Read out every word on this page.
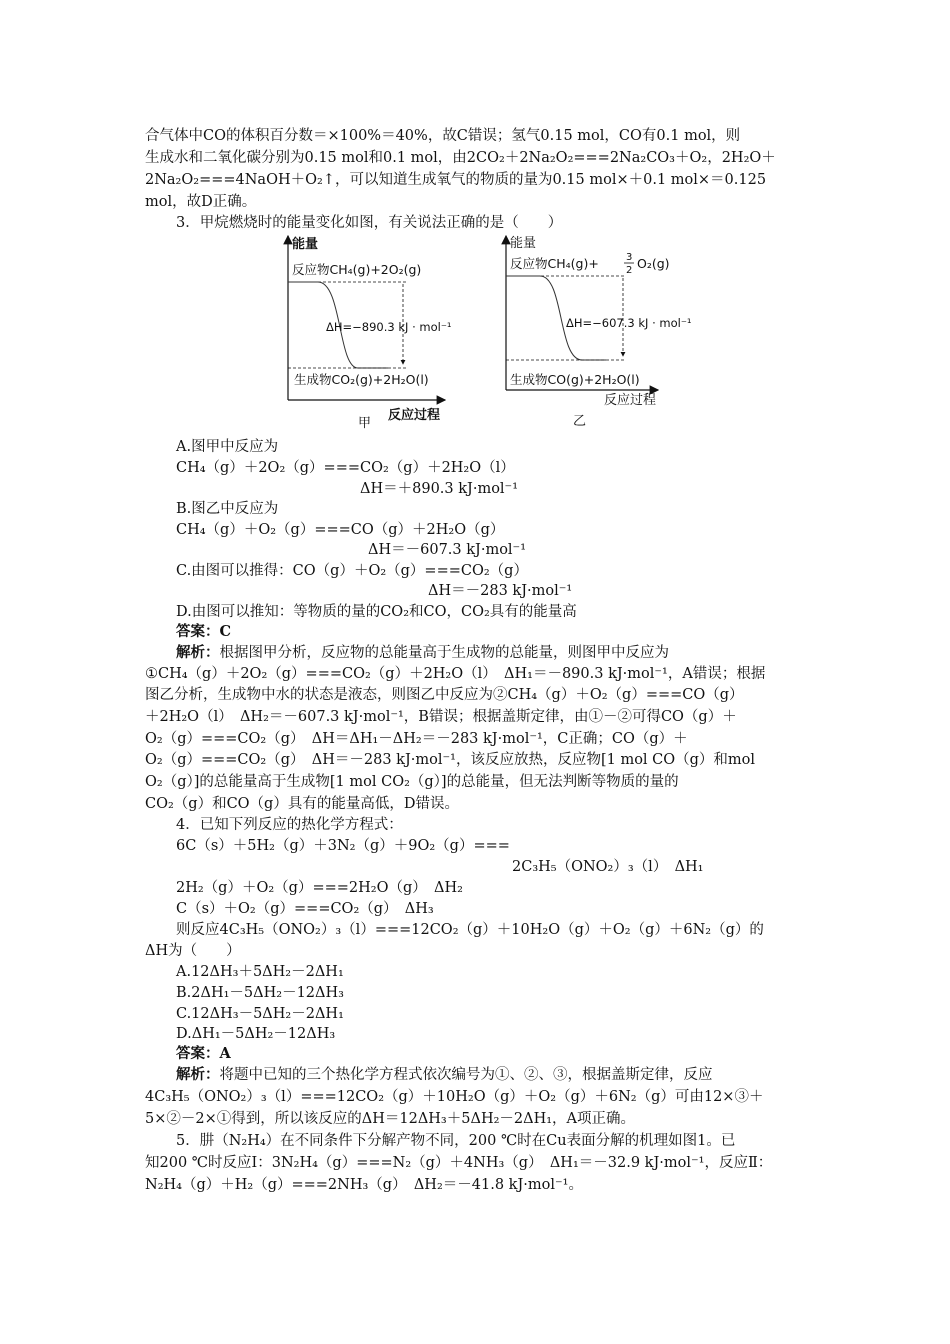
合气体中CO的体积百分数＝×100%＝40%，故C错误；氢气0.15 mol，CO有0.1 mol，则
生成水和二氧化碳分别为0.15 mol和0.1 mol，由2CO₂＋2Na₂O₂===2Na₂CO₃＋O₂，2H₂O＋
2Na₂O₂===4NaOH＋O₂↑，可以知道生成氧气的物质的量为0.15 mol×＋0.1 mol×＝0.125
mol，故D正确。
3．甲烷燃烧时的能量变化如图，有关说法正确的是（　　）
能量
反应物CH₄(g)+2O₂(g)
ΔH=−890.3 kJ · mol⁻¹
生成物CO₂(g)+2H₂O(l)
反应过程
甲
能量
反应物CH₄(g)+	3
2 O₂(g)
ΔH=−607.3 kJ · mol⁻¹
生成物CO(g)+2H₂O(l)
反应过程
乙
A.图甲中反应为
CH₄（g）＋2O₂（g）===CO₂（g）＋2H₂O（l）
ΔH＝＋890.3 kJ·mol⁻¹
B.图乙中反应为
CH₄（g）＋O₂（g）===CO（g）＋2H₂O（g）
ΔH＝－607.3 kJ·mol⁻¹
C.由图可以推得：CO（g）＋O₂（g）===CO₂（g）
ΔH＝－283 kJ·mol⁻¹
D.由图可以推知：等物质的量的CO₂和CO，CO₂具有的能量高
答案：C
解析：根据图甲分析，反应物的总能量高于生成物的总能量，则图甲中反应为
①CH₄（g）＋2O₂（g）===CO₂（g）＋2H₂O（l）　ΔH₁＝－890.3 kJ·mol⁻¹，A错误；根据
图乙分析，生成物中水的状态是液态，则图乙中反应为②CH₄（g）＋O₂（g）===CO（g）
＋2H₂O（l）　ΔH₂＝－607.3 kJ·mol⁻¹，B错误；根据盖斯定律，由①－②可得CO（g）＋
O₂（g）===CO₂（g）　ΔH＝ΔH₁－ΔH₂＝－283 kJ·mol⁻¹，C正确；CO（g）＋
O₂（g）===CO₂（g）　ΔH＝－283 kJ·mol⁻¹，该反应放热，反应物[1 mol CO（g）和mol
O₂（g）]的总能量高于生成物[1 mol CO₂（g）]的总能量，但无法判断等物质的量的
CO₂（g）和CO（g）具有的能量高低，D错误。
4．已知下列反应的热化学方程式：
6C（s）＋5H₂（g）＋3N₂（g）＋9O₂（g）===
2C₃H₅（ONO₂）₃（l）　ΔH₁
2H₂（g）＋O₂（g）===2H₂O（g）　ΔH₂
C（s）＋O₂（g）===CO₂（g）　ΔH₃
则反应4C₃H₅（ONO₂）₃（l）===12CO₂（g）＋10H₂O（g）＋O₂（g）＋6N₂（g）的
ΔH为（　　）
A.12ΔH₃＋5ΔH₂－2ΔH₁
B.2ΔH₁－5ΔH₂－12ΔH₃
C.12ΔH₃－5ΔH₂－2ΔH₁
D.ΔH₁－5ΔH₂－12ΔH₃
答案：A
解析：将题中已知的三个热化学方程式依次编号为①、②、③，根据盖斯定律，反应
4C₃H₅（ONO₂）₃（l）===12CO₂（g）＋10H₂O（g）＋O₂（g）＋6N₂（g）可由12×③＋
5×②－2×①得到，所以该反应的ΔH＝12ΔH₃＋5ΔH₂－2ΔH₁，A项正确。
5．肼（N₂H₄）在不同条件下分解产物不同，200 ℃时在Cu表面分解的机理如图1。已
知200 ℃时反应Ⅰ：3N₂H₄（g）===N₂（g）＋4NH₃（g）　ΔH₁＝－32.9 kJ·mol⁻¹，反应Ⅱ：
N₂H₄（g）＋H₂（g）===2NH₃（g）　ΔH₂＝－41.8 kJ·mol⁻¹。
